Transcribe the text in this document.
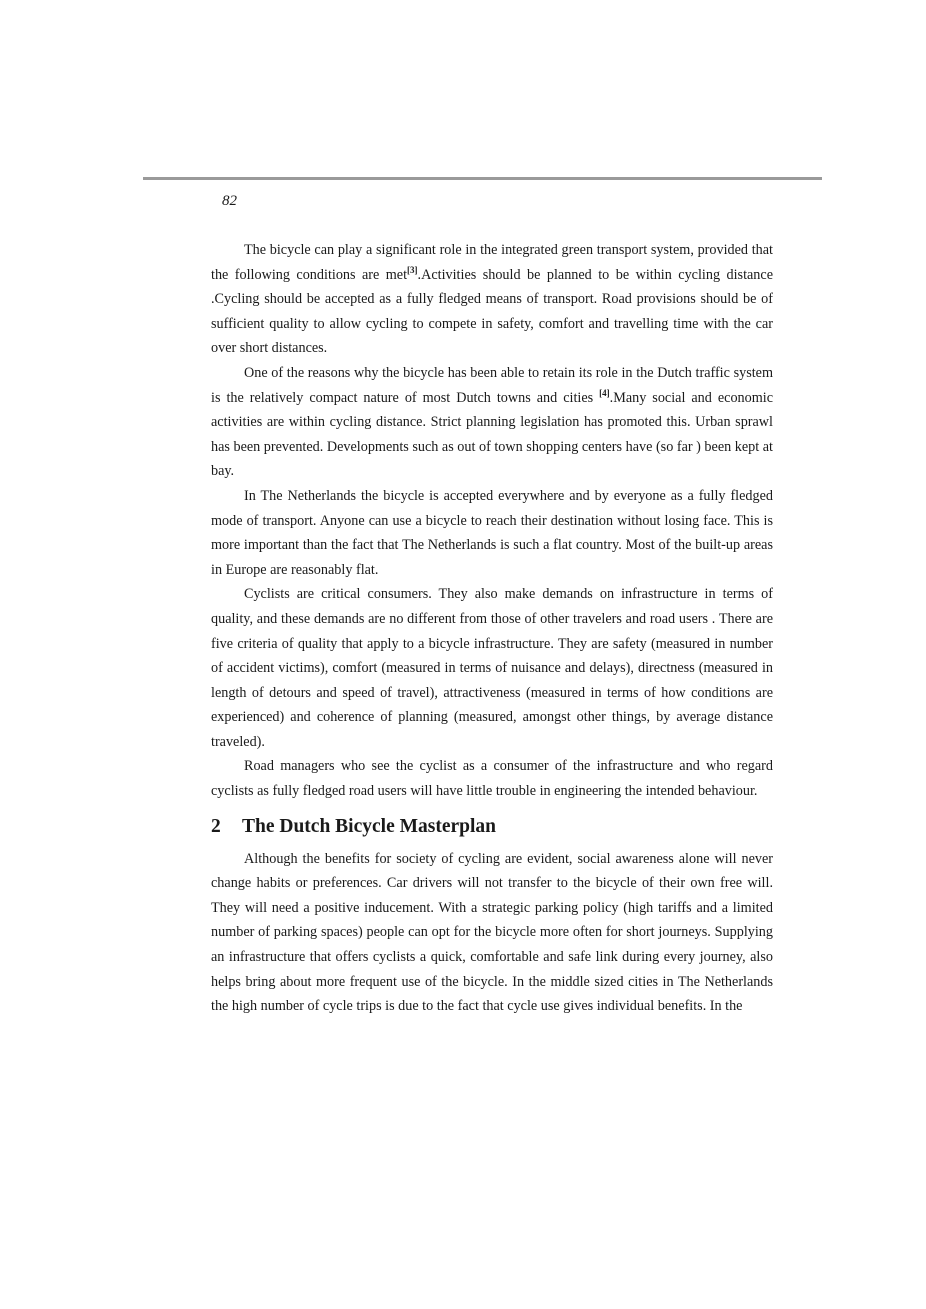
82

The bicycle can play a significant role in the integrated green transport system, provided that the following conditions are met[3].Activities should be planned to be within cycling distance .Cycling should be accepted as a fully fledged means of transport. Road provisions should be of sufficient quality to allow cycling to compete in safety, comfort and travelling time with the car over short distances.

One of the reasons why the bicycle has been able to retain its role in the Dutch traffic system is the relatively compact nature of most Dutch towns and cities [4].Many social and economic activities are within cycling distance. Strict planning legislation has promoted this. Urban sprawl has been prevented. Developments such as out of town shopping centers have (so far ) been kept at bay.

In The Netherlands the bicycle is accepted everywhere and by everyone as a fully fledged mode of transport. Anyone can use a bicycle to reach their destination without losing face. This is more important than the fact that The Netherlands is such a flat country. Most of the built-up areas in Europe are reasonably flat.

Cyclists are critical consumers. They also make demands on infrastructure in terms of quality, and these demands are no different from those of other travelers and road users . There are five criteria of quality that apply to a bicycle infrastructure. They are safety (measured in number of accident victims), comfort (measured in terms of nuisance and delays), directness (measured in length of detours and speed of travel), attractiveness (measured in terms of how conditions are experienced) and coherence of planning (measured, amongst other things, by average distance traveled).

Road managers who see the cyclist as a consumer of the infrastructure and who regard cyclists as fully fledged road users will have little trouble in engineering the intended behaviour.

2 The Dutch Bicycle Masterplan

Although the benefits for society of cycling are evident, social awareness alone will never change habits or preferences. Car drivers will not transfer to the bicycle of their own free will. They will need a positive inducement. With a strategic parking policy (high tariffs and a limited number of parking spaces) people can opt for the bicycle more often for short journeys. Supplying an infrastructure that offers cyclists a quick, comfortable and safe link during every journey, also helps bring about more frequent use of the bicycle. In the middle sized cities in The Netherlands the high number of cycle trips is due to the fact that cycle use gives individual benefits. In the
